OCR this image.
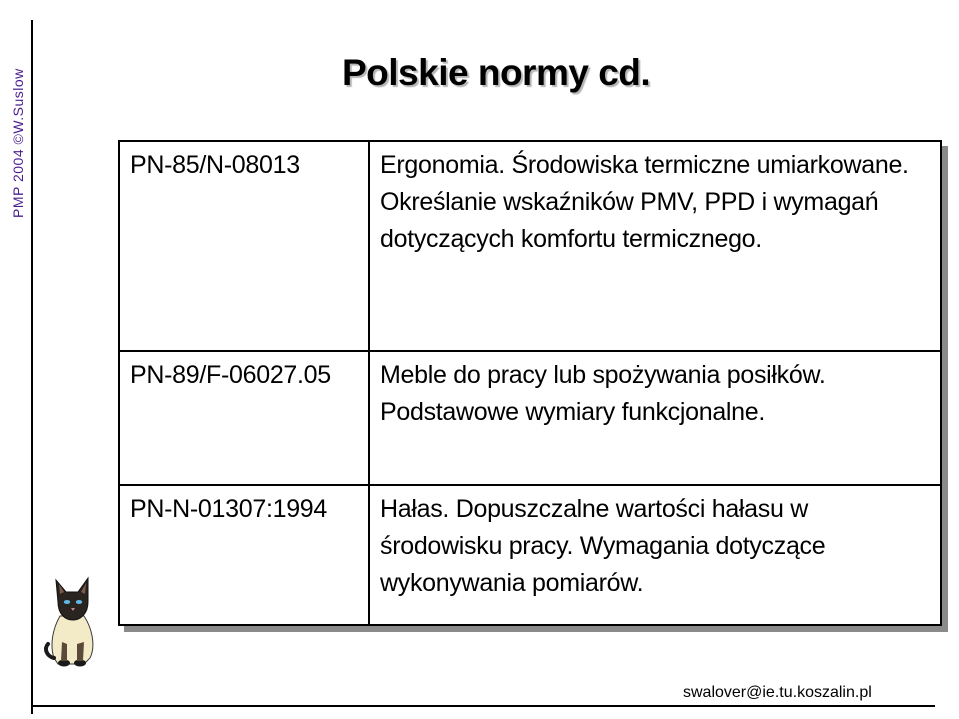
PMP 2004 ©W.Suslow	Polskie normy cd.
PN-85/N-08013	Ergonomia. Środowiska termiczne umiarkowane. Określanie wskaźników PMV, PPD i wymagań dotyczących komfortu termicznego.

PN-89/F-06027.05	Meble do pracy lub spożywania posiłków. Podstawowe wymiary funkcjonalne.

PN-N-01307:1994	Hałas. Dopuszczalne wartości hałasu w środowisku pracy. Wymagania dotyczące wykonywania pomiarów.
swalover@ie.tu.koszalin.pl
